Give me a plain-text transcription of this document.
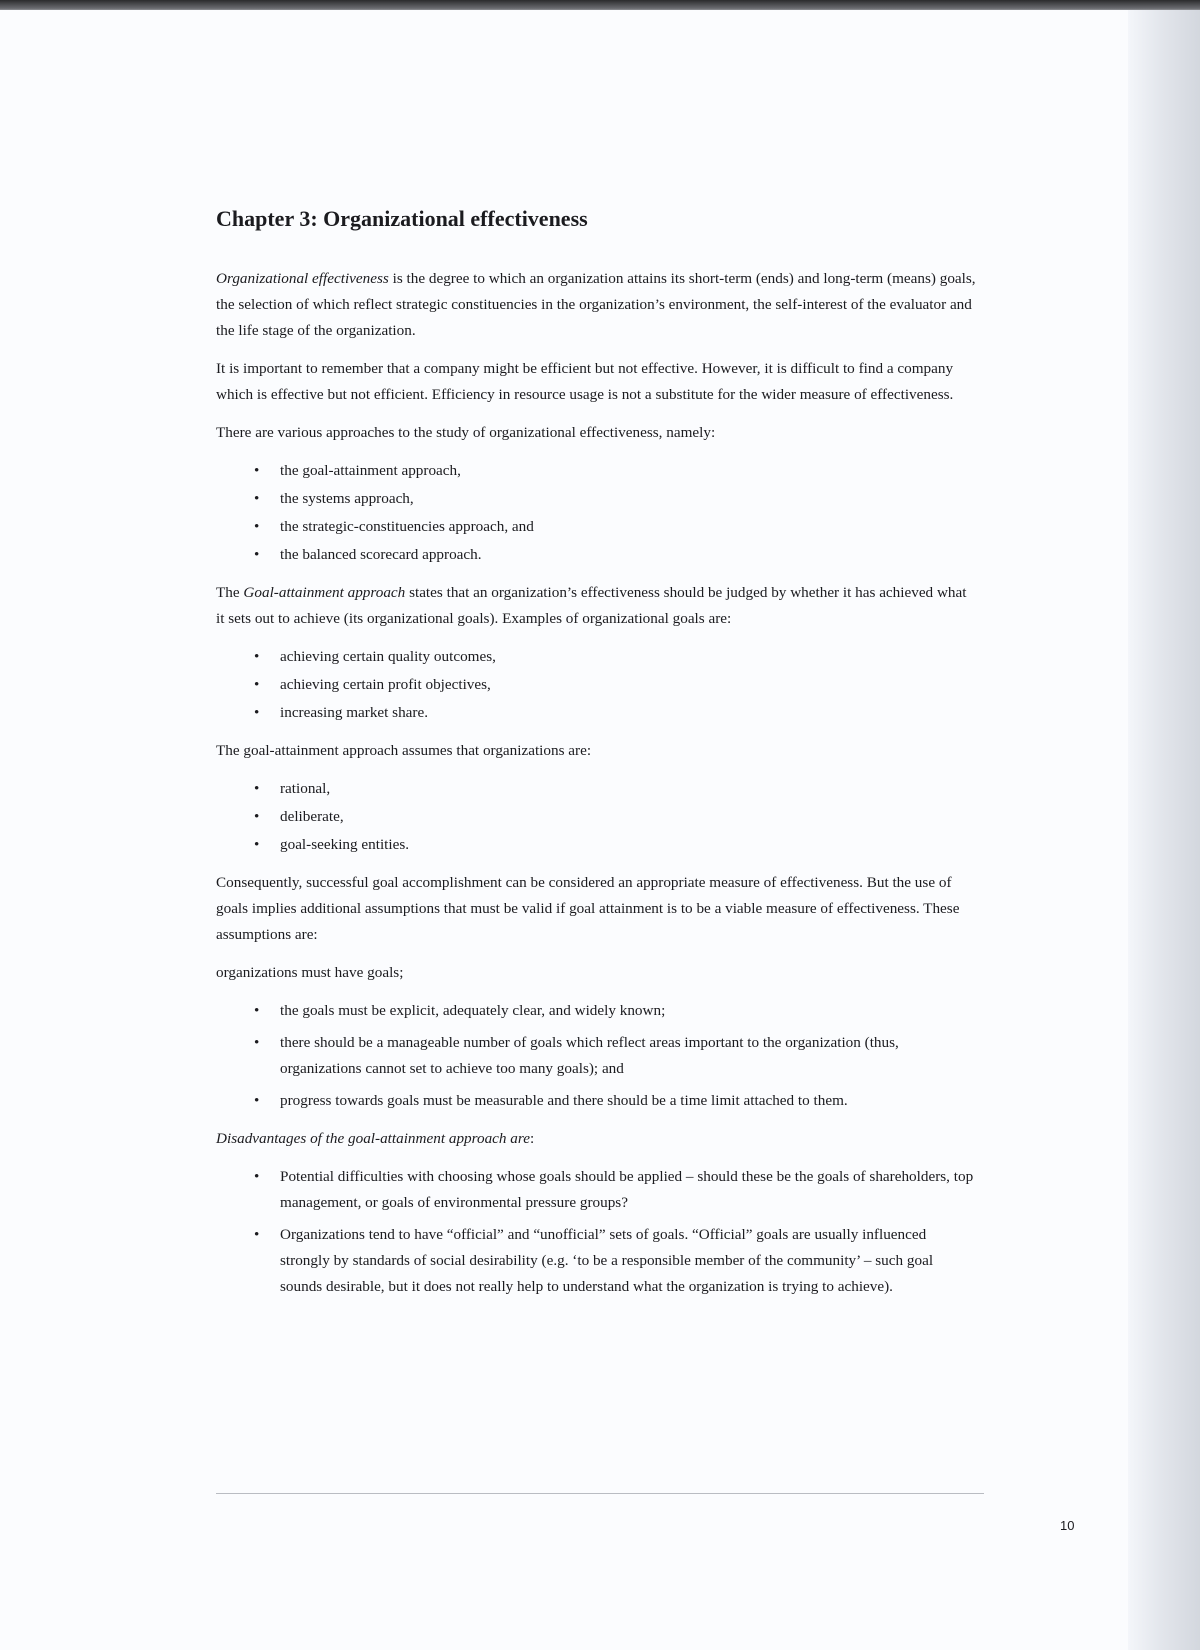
Chapter 3: Organizational effectiveness

Organizational effectiveness is the degree to which an organization attains its short-term (ends) and long-term (means) goals, the selection of which reflect strategic constituencies in the organization’s environment, the self-interest of the evaluator and the life stage of the organization.

It is important to remember that a company might be efficient but not effective. However, it is difficult to find a company which is effective but not efficient. Efficiency in resource usage is not a substitute for the wider measure of effectiveness.

There are various approaches to the study of organizational effectiveness, namely:

• the goal-attainment approach,
• the systems approach,
• the strategic-constituencies approach, and
• the balanced scorecard approach.

The Goal-attainment approach states that an organization’s effectiveness should be judged by whether it has achieved what it sets out to achieve (its organizational goals). Examples of organizational goals are:

• achieving certain quality outcomes,
• achieving certain profit objectives,
• increasing market share.

The goal-attainment approach assumes that organizations are:

• rational,
• deliberate,
• goal-seeking entities.

Consequently, successful goal accomplishment can be considered an appropriate measure of effectiveness. But the use of goals implies additional assumptions that must be valid if goal attainment is to be a viable measure of effectiveness. These assumptions are:

organizations must have goals;

• the goals must be explicit, adequately clear, and widely known;
• there should be a manageable number of goals which reflect areas important to the organization (thus, organizations cannot set to achieve too many goals); and
• progress towards goals must be measurable and there should be a time limit attached to them.

Disadvantages of the goal-attainment approach are:

• Potential difficulties with choosing whose goals should be applied – should these be the goals of shareholders, top management, or goals of environmental pressure groups?
• Organizations tend to have “official” and “unofficial” sets of goals. “Official” goals are usually influenced strongly by standards of social desirability (e.g. ‘to be a responsible member of the community’ – such goal sounds desirable, but it does not really help to understand what the organization is trying to achieve).
10
